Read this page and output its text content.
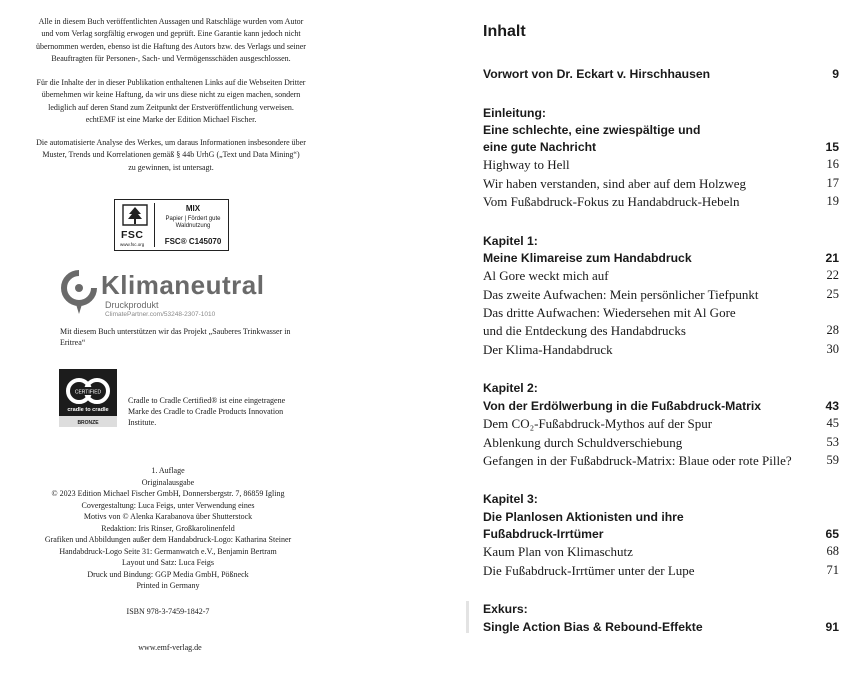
Alle in diesem Buch veröffentlichten Aussagen und Ratschläge wurden vom Autor
und vom Verlag sorgfältig erwogen und geprüft. Eine Garantie kann jedoch nicht
übernommen werden, ebenso ist die Haftung des Autors bzw. des Verlags und seiner
Beauftragten für Personen-, Sach- und Vermögensschäden ausgeschlossen.
Für die Inhalte der in dieser Publikation enthaltenen Links auf die Webseiten Dritter
übernehmen wir keine Haftung, da wir uns diese nicht zu eigen machen, sondern
lediglich auf deren Stand zum Zeitpunkt der Erstveröffentlichung verweisen.
echtEMF ist eine Marke der Edition Michael Fischer.
Die automatisierte Analyse des Werkes, um daraus Informationen insbesondere über
Muster, Trends und Korrelationen gemäß § 44b UrhG („Text und Data Mining“)
zu gewinnen, ist untersagt.
FSC
www.fsc.org
MIX
Papier | Fördert gute Waldnutzung
FSC® C145070
Klimaneutral
Druckprodukt
ClimatePartner.com/53248-2307-1010
Mit diesem Buch unterstützen wir das Projekt „Sauberes Trinkwasser in Eritrea“
CERTIFIED
cradle to cradle
BRONZE
Cradle to Cradle Certified® ist eine eingetragene Marke des Cradle to Cradle Products Innovation Institute.
1. Auflage
Originalausgabe
© 2023 Edition Michael Fischer GmbH, Donnersbergstr. 7, 86859 Igling
Covergestaltung: Luca Feigs, unter Verwendung eines
Motivs von © Alenka Karabanova über Shutterstock
Redaktion: Iris Rinser, Großkarolinenfeld
Grafiken und Abbildungen außer dem Handabdruck-Logo: Katharina Steiner
Handabdruck-Logo Seite 31: Germanwatch e.V., Benjamin Bertram
Layout und Satz: Luca Feigs
Druck und Bindung: GGP Media GmbH, Pößneck
Printed in Germany
ISBN 978-3-7459-1842-7
www.emf-verlag.de
Inhalt
Vorwort von Dr. Eckart v. Hirschhausen	9
Einleitung:
Eine schlechte, eine zwiespältige und
eine gute Nachricht	15
Highway to Hell	16
Wir haben verstanden, sind aber auf dem Holzweg	17
Vom Fußabdruck-Fokus zu Handabdruck-Hebeln	19
Kapitel 1:
Meine Klimareise zum Handabdruck	21
Al Gore weckt mich auf	22
Das zweite Aufwachen: Mein persönlicher Tiefpunkt	25
Das dritte Aufwachen: Wiedersehen mit Al Gore
und die Entdeckung des Handabdrucks	28
Der Klima-Handabdruck	30
Kapitel 2:
Von der Erdölwerbung in die Fußabdruck-Matrix	43
Dem CO₂-Fußabdruck-Mythos auf der Spur	45
Ablenkung durch Schuldverschiebung	53
Gefangen in der Fußabdruck-Matrix: Blaue oder rote Pille?	59
Kapitel 3:
Die Planlosen Aktionisten und ihre
Fußabdruck-Irrtümer	65
Kaum Plan von Klimaschutz	68
Die Fußabdruck-Irrtümer unter der Lupe	71
Exkurs:
Single Action Bias & Rebound-Effekte	91
